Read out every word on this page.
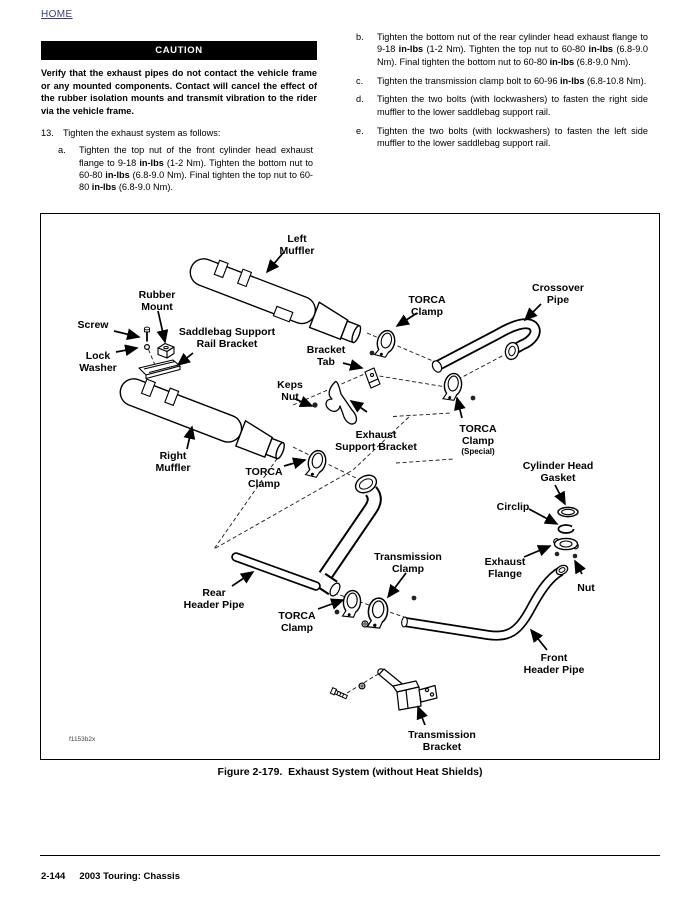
HOME
CAUTION

Verify that the exhaust pipes do not contact the vehicle frame or any mounted components. Contact will cancel the effect of the rubber isolation mounts and transmit vibration to the rider via the vehicle frame.

13.	Tighten the exhaust system as follows:
a.	Tighten the top nut of the front cylinder head exhaust flange to 9-18 in-lbs (1-2 Nm). Tighten the bottom nut to 60-80 in-lbs (6.8-9.0 Nm). Final tighten the top nut to 60-80 in-lbs (6.8-9.0 Nm).
b.	Tighten the bottom nut of the rear cylinder head exhaust flange to 9-18 in-lbs (1-2 Nm). Tighten the top nut to 60-80 in-lbs (6.8-9.0 Nm). Final tighten the bottom nut to 60-80 in-lbs (6.8-9.0 Nm).
c.	Tighten the transmission clamp bolt to 60-96 in-lbs (6.8-10.8 Nm).
d.	Tighten the two bolts (with lockwashers) to fasten the right side muffler to the lower saddlebag support rail.
e.	Tighten the two bolts (with lockwashers) to fasten the left side muffler to the lower saddlebag support rail.
Left
Muffler
Crossover
Pipe
Rubber
Mount
TORCA
Clamp
Screw
Saddlebag Support
Rail Bracket	Bracket
Tab
Lock
Washer
Keps
Nut
TORCA
Clamp
(Special)
Exhaust
Support Bracket
Right
Muffler	Cylinder Head
Gasket
TORCA
Clamp
Circlip
Transmission
Clamp
Exhaust
Flange
Nut
Rear
Header Pipe
TORCA
Clamp
Front
Header Pipe
Transmission
Bracket
f1153b2x
Figure 2-179.  Exhaust System (without Heat Shields)
2-144 2003 Touring: Chassis
